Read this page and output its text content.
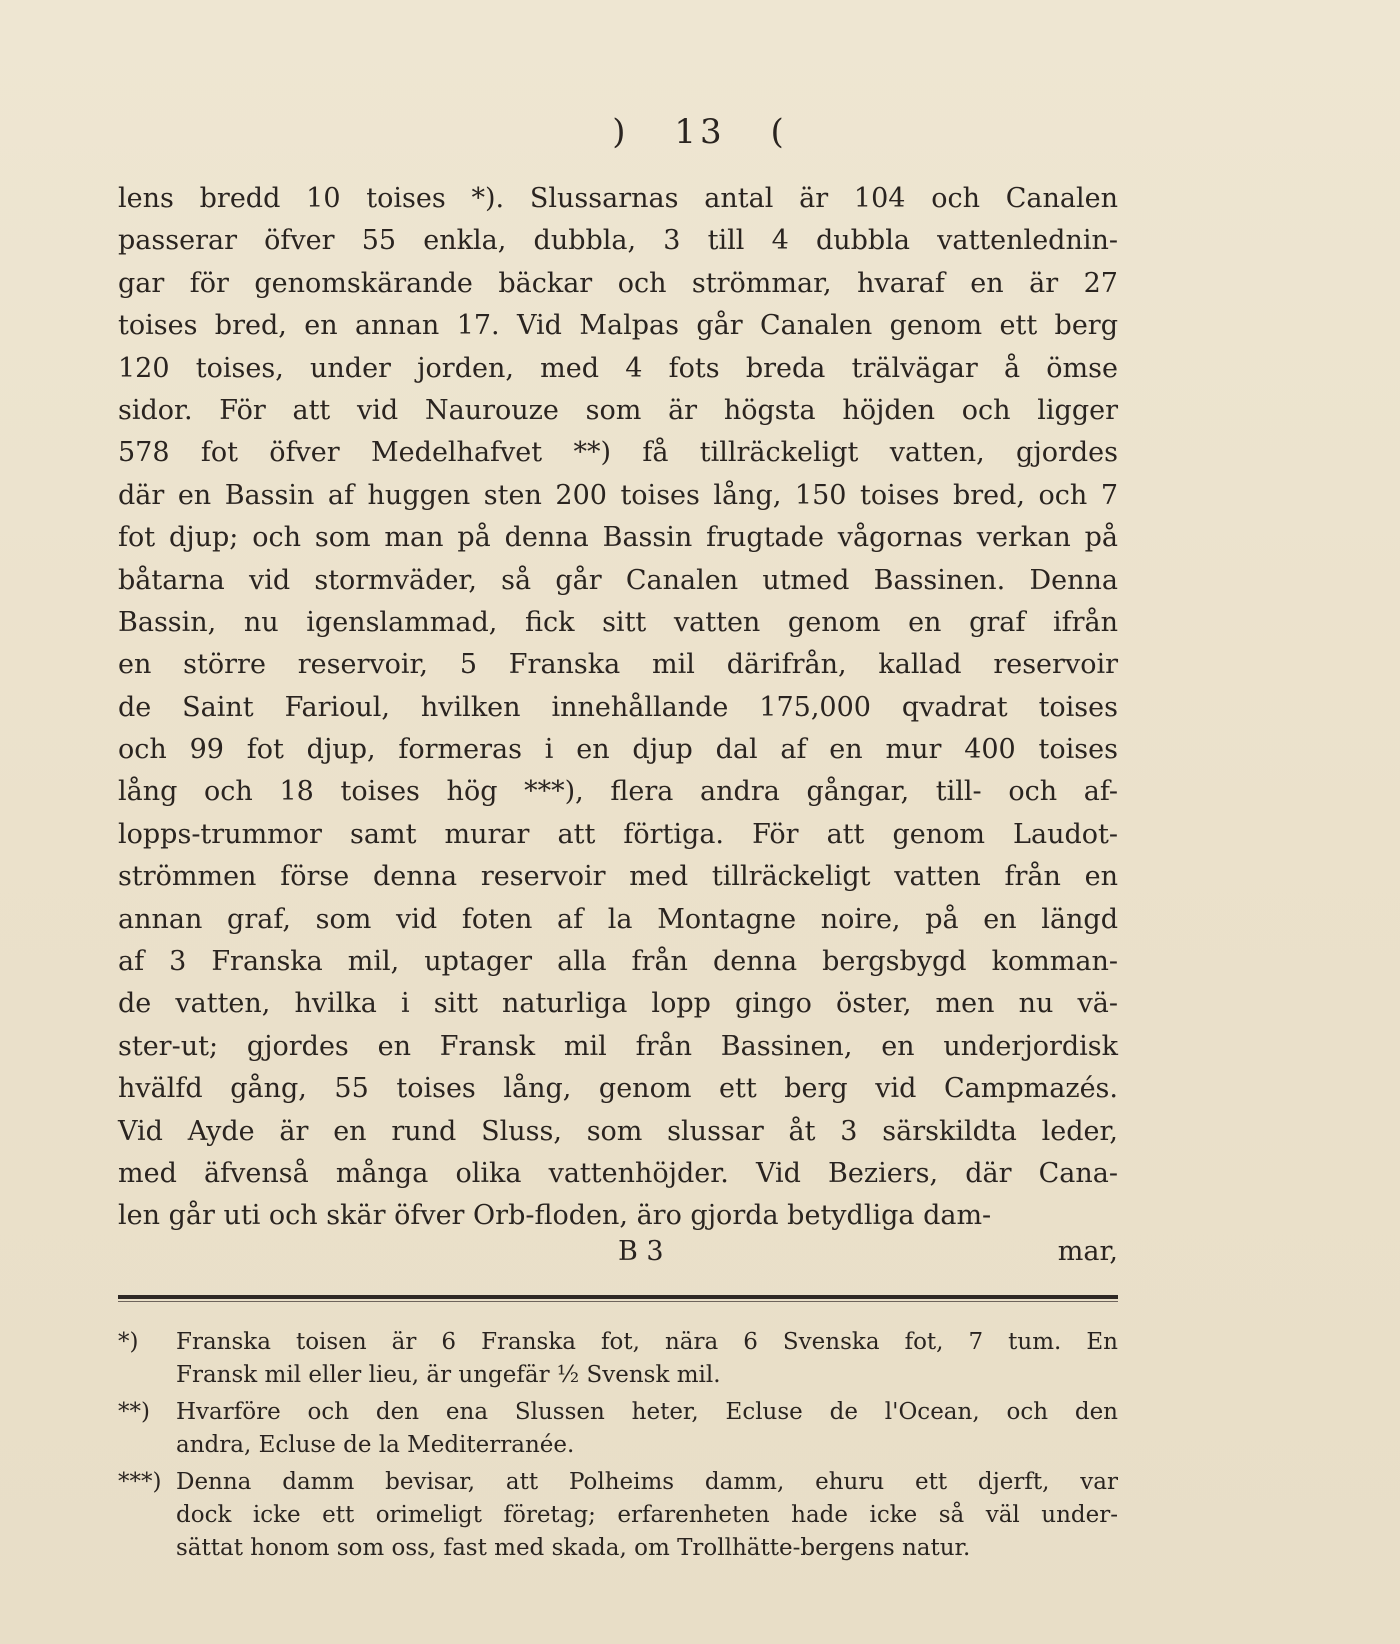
) 13 (
lens bredd 10 toises *). Slussarnas antal är 104 och Canalen
passerar öfver 55 enkla, dubbla, 3 till 4 dubbla vattenlednin-
gar för genomskärande bäckar och strömmar, hvaraf en är 27
toises bred, en annan 17. Vid Malpas går Canalen genom ett berg
120 toises, under jorden, med 4 fots breda trälvägar å ömse
sidor. För att vid Naurouze som är högsta höjden och ligger
578 fot öfver Medelhafvet **) få tillräckeligt vatten, gjordes
där en Bassin af huggen sten 200 toises lång, 150 toises bred, och 7
fot djup; och som man på denna Bassin frugtade vågornas verkan på
båtarna vid stormväder, så går Canalen utmed Bassinen. Denna
Bassin, nu igenslammad, fick sitt vatten genom en graf ifrån
en större reservoir, 5 Franska mil därifrån, kallad reservoir
de Saint Farioul, hvilken innehållande 175,000 qvadrat toises
och 99 fot djup, formeras i en djup dal af en mur 400 toises
lång och 18 toises hög ***), flera andra gångar, till- och af-
lopps-trummor samt murar att förtiga. För att genom Laudot-
strömmen förse denna reservoir med tillräckeligt vatten från en
annan graf, som vid foten af la Montagne noire, på en längd
af 3 Franska mil, uptager alla från denna bergsbygd komman-
de vatten, hvilka i sitt naturliga lopp gingo öster, men nu vä-
ster-ut; gjordes en Fransk mil från Bassinen, en underjordisk
hvälfd gång, 55 toises lång, genom ett berg vid Campmazés.
Vid Ayde är en rund Sluss, som slussar åt 3 särskildta leder,
med äfvenså många olika vattenhöjder. Vid Beziers, där Cana-
len går uti och skär öfver Orb-floden, äro gjorda betydliga dam-
B 3	mar,
*) Franska toisen är 6 Franska fot, nära 6 Svenska fot, 7 tum. En
Fransk mil eller lieu, är ungefär ½ Svensk mil.
**) Hvarföre och den ena Slussen heter, Ecluse de l'Ocean, och den
andra, Ecluse de la Mediterranée.
***) Denna damm bevisar, att Polheims damm, ehuru ett djerft, var
dock icke ett orimeligt företag; erfarenheten hade icke så väl under-
sättat honom som oss, fast med skada, om Trollhätte-bergens natur.
